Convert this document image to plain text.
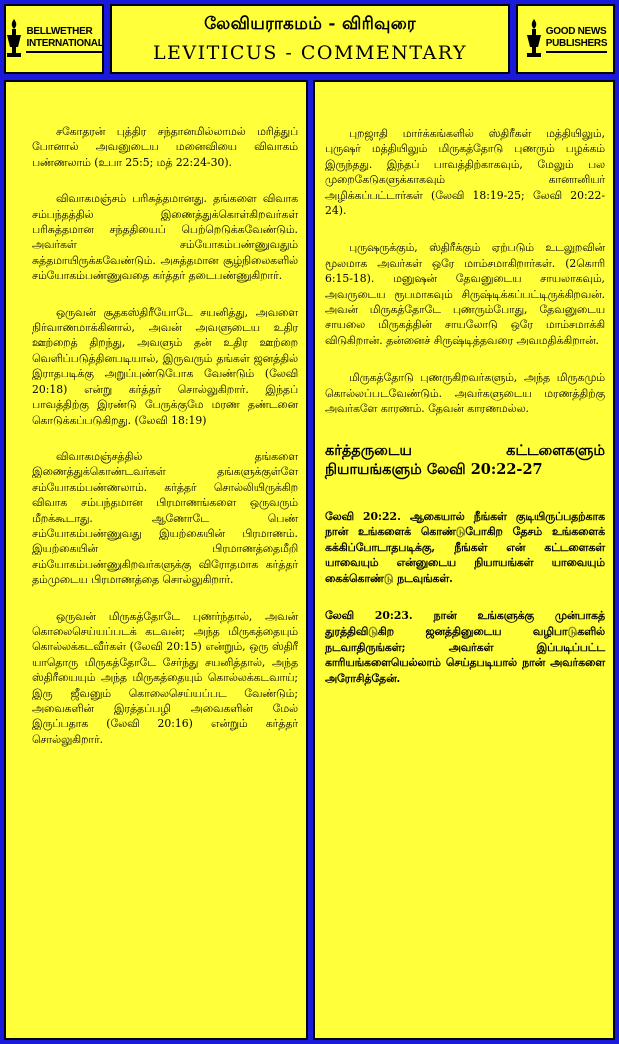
BELLWETHER
INTERNATIONAL
லேவியராகமம் - விரிவுரை
LEVITICUS - COMMENTARY
GOOD NEWS
PUBLISHERS

சகோதரன் புத்திர சந்தானமில்லாமல் மரித்துப் போனால் அவனுடைய மனைவியை விவாகம் பண்ணலாம் (உபா 25:5; மத் 22:24-30).

விவாகமஞ்சம் பரிசுத்தமானது. தங்களை விவாக சம்பந்தத்தில் இணைத்துக்கொள்கிறவர்கள் பரிசுத்தமான சந்ததியைப் பெற்றெடுக்கவேண்டும். அவர்கள் சம்யோகம்பண்ணுவதும் சுத்தமாயிருக்கவேண்டும். அசுத்தமான சூழ்நிலைகளில் சம்யோகம்பண்ணுவதை கர்த்தர் தடைபண்ணுகிறார்.

ஒருவன் சூதகஸ்திரீயோடே சயனித்து, அவளை நிர்வாணமாக்கினால், அவன் அவளுடைய உதிர ஊற்றைத் திறந்து, அவளும் தன் உதிர ஊற்றை வெளிப்படுத்தினபடியால், இருவரும் தங்கள் ஜனத்தில் இராதபடிக்கு அறுப்புண்டுபோக வேண்டும் (லேவி 20:18) என்று கர்த்தர் சொல்லுகிறார். இந்தப் பாவத்திற்கு இரண்டு பேருக்குமே மரண தண்டனை கொடுக்கப்படுகிறது. (லேவி 18:19)

விவாகமஞ்சத்தில் தங்களை இணைத்துக்கொண்டவர்கள் தங்களுக்குள்ளே சம்யோகம்பண்ணலாம். கர்த்தர் சொல்லியிருக்கிற விவாக சம்பந்தமான பிரமாணங்களை ஒருவரும் மீறக்கூடாது. ஆணோடே பெண் சம்யோகம்பண்ணுவது இயற்கையின் பிரமாணம். இயற்கையின் பிரமாணத்தைமீறி சம்யோகம்பண்ணுகிறவர்களுக்கு விரோதமாக கர்த்தர் தம்முடைய பிரமாணத்தை சொல்லுகிறார்.

ஒருவன் மிருகத்தோடே புணர்ந்தால், அவன் கொலைசெய்யப்படக் கடவன்; அந்த மிருகத்தையும் கொல்லக்கடவீர்கள் (லேவி 20:15) என்றும், ஒரு ஸ்திரீ யாதொரு மிருகத்தோடே சேர்ந்து சயனித்தால், அந்த ஸ்திரீயையும் அந்த மிருகத்தையும் கொல்லக்கடவாய்; இரு ஜீவனும் கொலைசெய்யப்பட வேண்டும்; அவைகளின் இரத்தப்பழி அவைகளின் மேல் இருப்பதாக (லேவி 20:16) என்றும் கர்த்தர் சொல்லுகிறார்.

புறஜாதி மார்க்கங்களில் ஸ்திரீகள் மத்தியிலும், புருஷர் மத்தியிலும் மிருகத்தோடு புணரும் பழக்கம் இருந்தது. இந்தப் பாவத்திற்காகவும், மேலும் பல முறைகேடுகளுக்காகவும் கானானியர் அழிக்கப்பட்டார்கள் (லேவி 18:19-25; லேவி 20:22-24).

புருஷருக்கும், ஸ்திரீக்கும் ஏற்படும் உடலுறவின் மூலமாக அவர்கள் ஒரே மாம்சமாகிறார்கள். (2கொரி 6:15-18). மனுஷன் தேவனுடைய சாயலாகவும், அவருடைய ரூபமாகவும் சிருஷ்டிக்கப்பட்டிருக்கிறவன். அவன் மிருகத்தோடே புணரும்போது, தேவனுடைய சாயலை மிருகத்தின் சாயலோடு ஒரே மாம்சமாக்கி விடுகிறான். தன்னைச் சிருஷ்டித்தவரை அவமதிக்கிறான்.

மிருகத்தோடு புணருகிறவர்களும், அந்த மிருகமும் கொல்லப்படவேண்டும். அவர்களுடைய மரணத்திற்கு அவர்களே காரணம். தேவன் காரணமல்ல.

கர்த்தருடைய கட்டளைகளும் நியாயங்களும் லேவி 20:22-27

லேவி 20:22. ஆகையால் நீங்கள் குடியிருப்பதற்காக நான் உங்களைக் கொண்டுபோகிற தேசம் உங்களைக் கக்கிப்போடாதபடிக்கு, நீங்கள் என் கட்டளைகள் யாவையும் என்னுடைய நியாயங்கள் யாவையும் கைக்கொண்டு நடவுங்கள்.

லேவி 20:23. நான் உங்களுக்கு முன்பாகத் துரத்திவிடுகிற ஜனத்தினுடைய வழிபாடுகளில் நடவாதிருங்கள்; அவர்கள் இப்படிப்பட்ட காரியங்களையெல்லாம் செய்தபடியால் நான் அவர்களை அரோசித்தேன்.
